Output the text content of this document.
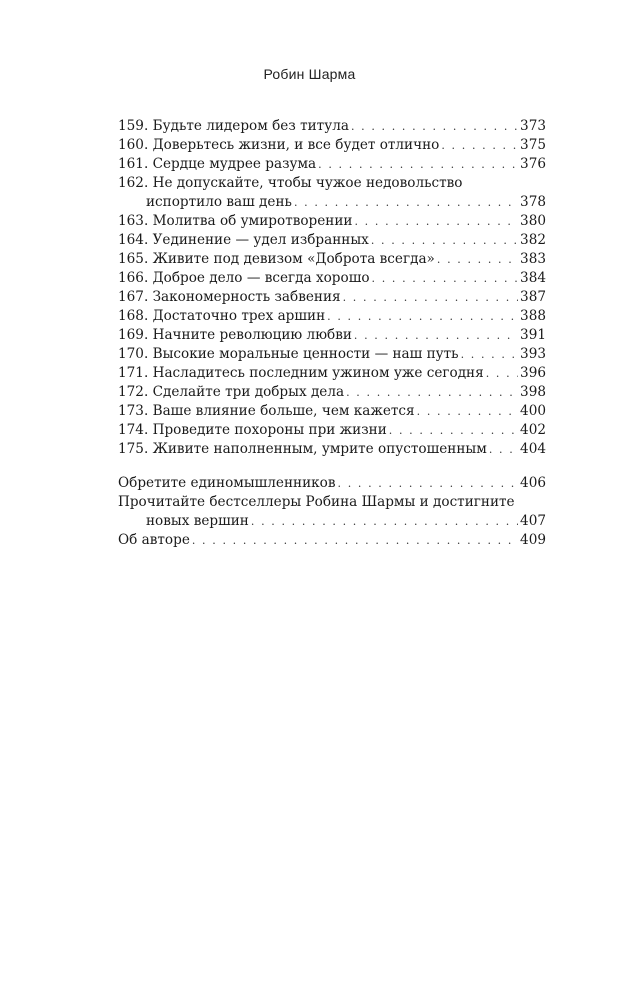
Робин Шарма
159. Будьте лидером без титула . . .	373
160. Доверьтесь жизни, и все будет отлично . . .	375
161. Сердце мудрее разума . . .	376
162. Не допускайте, чтобы чужое недовольство
испортило ваш день . . .	378
163. Молитва об умиротворении . . .	380
164. Уединение — удел избранных . . .	382
165. Живите под девизом «Доброта всегда» . . .	383
166. Доброе дело — всегда хорошо . . .	384
167. Закономерность забвения . . .	387
168. Достаточно трех аршин . . .	388
169. Начните революцию любви . . .	391
170. Высокие моральные ценности — наш путь . . .	393
171. Насладитесь последним ужином уже сегодня . . .	396
172. Сделайте три добрых дела . . .	398
173. Ваше влияние больше, чем кажется . . .	400
174. Проведите похороны при жизни . . .	402
175. Живите наполненным, умрите опустошенным . . . 404
Обретите единомышленников . . .	406
Прочитайте бестселлеры Робина Шармы и достигните
новых вершин . . .	407
Об авторе . . .	409
